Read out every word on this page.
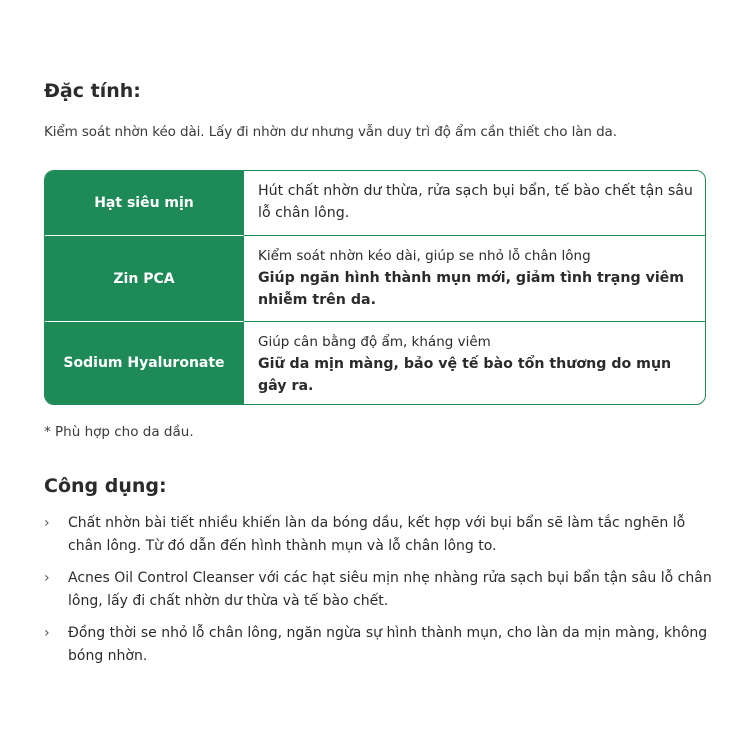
Đặc tính:
Kiểm soát nhờn kéo dài. Lấy đi nhờn dư nhưng vẫn duy trì độ ẩm cần thiết cho làn da.
Hạt siêu mịn
Hút chất nhờn dư thừa, rửa sạch bụi bẩn, tế bào chết tận sâu lỗ chân lông.
Zin PCA
Kiểm soát nhờn kéo dài, giúp se nhỏ lỗ chân lông
Giúp ngăn hình thành mụn mới, giảm tình trạng viêm nhiễm trên da.
Sodium Hyaluronate
Giúp cân bằng độ ẩm, kháng viêm
Giữ da mịn màng, bảo vệ tế bào tổn thương do mụn gây ra.
* Phù hợp cho da dầu.
Công dụng:
› Chất nhờn bài tiết nhiều khiến làn da bóng dầu, kết hợp với bụi bẩn sẽ làm tắc nghẽn lỗ chân lông. Từ đó dẫn đến hình thành mụn và lỗ chân lông to.
› Acnes Oil Control Cleanser với các hạt siêu mịn nhẹ nhàng rửa sạch bụi bẩn tận sâu lỗ chân lông, lấy đi chất nhờn dư thừa và tế bào chết.
› Đồng thời se nhỏ lỗ chân lông, ngăn ngừa sự hình thành mụn, cho làn da mịn màng, không bóng nhờn.
